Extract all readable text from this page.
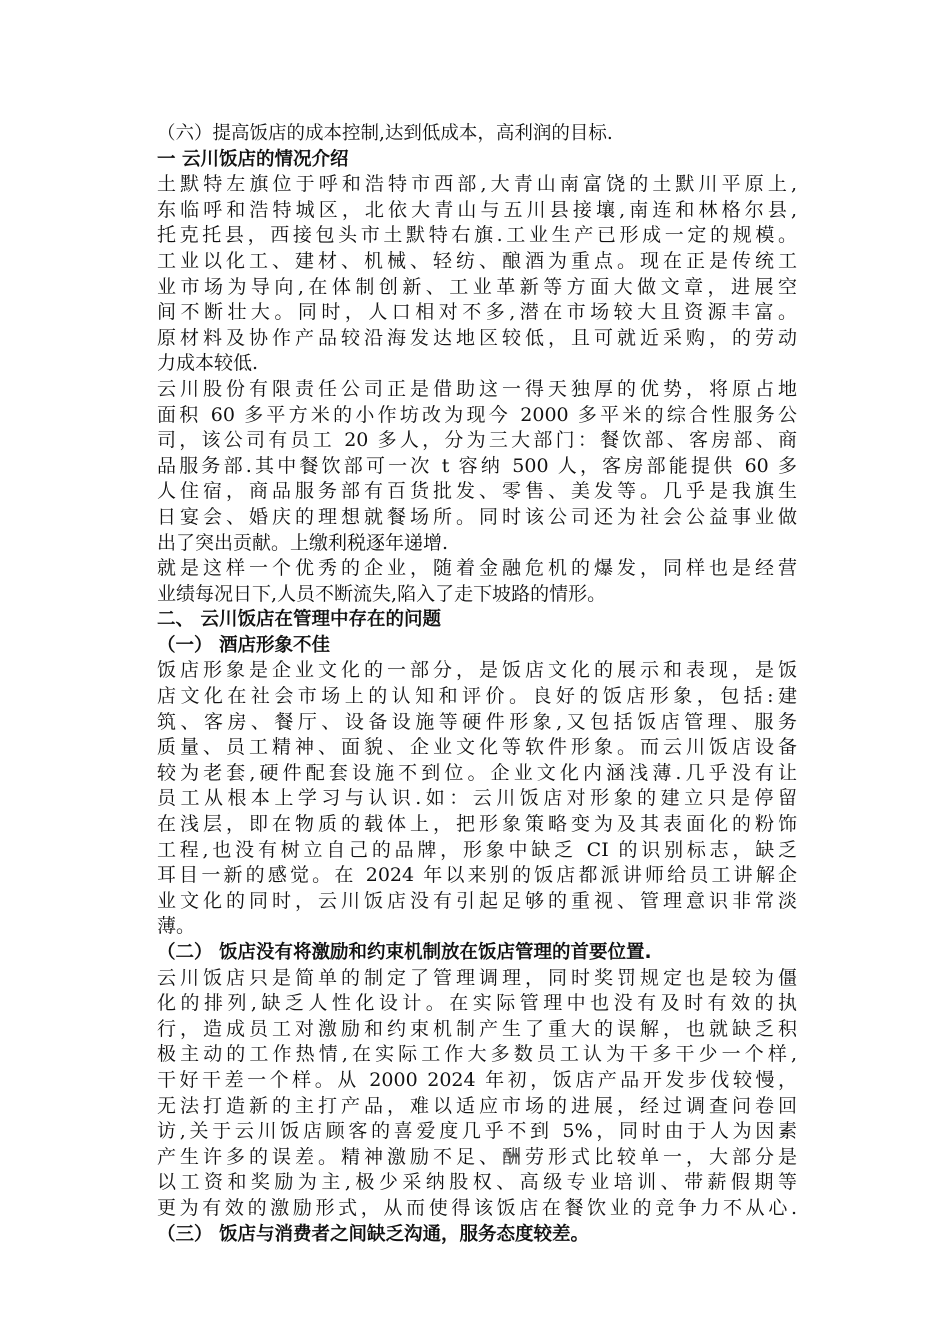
（六）提高饭店的成本控制,达到低成本，高利润的目标.
一 云川饭店的情况介绍
土默特左旗位于呼和浩特市西部,大青山南富饶的土默川平原上,
东临呼和浩特城区，北依大青山与五川县接壤,南连和林格尔县,
托克托县，西接包头市土默特右旗.工业生产已形成一定的规模。
工业以化工、建材、机械、轻纺、酿酒为重点。现在正是传统工
业市场为导向,在体制创新、工业革新等方面大做文章，进展空
间不断壮大。同时，人口相对不多,潜在市场较大且资源丰富。
原材料及协作产品较沿海发达地区较低，且可就近采购，的劳动
力成本较低.
云川股份有限责任公司正是借助这一得天独厚的优势，将原占地
面积 60 多平方米的小作坊改为现今 2000 多平米的综合性服务公
司，该公司有员工 20 多人，分为三大部门：餐饮部、客房部、商
品服务部.其中餐饮部可一次 t 容纳 500 人，客房部能提供 60 多
人住宿，商品服务部有百货批发、零售、美发等。几乎是我旗生
日宴会、婚庆的理想就餐场所。同时该公司还为社会公益事业做
出了突出贡献。上缴利税逐年递增.
就是这样一个优秀的企业，随着金融危机的爆发，同样也是经营
业绩每况日下,人员不断流失,陷入了走下坡路的情形。
二、 云川饭店在管理中存在的问题
（一） 酒店形象不佳
饭店形象是企业文化的一部分，是饭店文化的展示和表现，是饭
店文化在社会市场上的认知和评价。良好的饭店形象，包括:建
筑、客房、餐厅、设备设施等硬件形象,又包括饭店管理、服务
质量、员工精神、面貌、企业文化等软件形象。而云川饭店设备
较为老套,硬件配套设施不到位。企业文化内涵浅薄.几乎没有让
员工从根本上学习与认识.如：云川饭店对形象的建立只是停留
在浅层，即在物质的载体上，把形象策略变为及其表面化的粉饰
工程,也没有树立自己的品牌，形象中缺乏 CI 的识别标志，缺乏
耳目一新的感觉。在 2024 年以来别的饭店都派讲师给员工讲解企
业文化的同时，云川饭店没有引起足够的重视、管理意识非常淡
薄。
（二） 饭店没有将激励和约束机制放在饭店管理的首要位置.
云川饭店只是简单的制定了管理调理，同时奖罚规定也是较为僵
化的排列,缺乏人性化设计。在实际管理中也没有及时有效的执
行，造成员工对激励和约束机制产生了重大的误解，也就缺乏积
极主动的工作热情,在实际工作大多数员工认为干多干少一个样,
干好干差一个样。从 2000 2024 年初，饭店产品开发步伐较慢，
无法打造新的主打产品，难以适应市场的进展，经过调查问卷回
访,关于云川饭店顾客的喜爱度几乎不到 5%，同时由于人为因素
产生许多的误差。精神激励不足、酬劳形式比较单一，大部分是
以工资和奖励为主,极少采纳股权、高级专业培训、带薪假期等
更为有效的激励形式，从而使得该饭店在餐饮业的竞争力不从心.
（三） 饭店与消费者之间缺乏沟通，服务态度较差。
